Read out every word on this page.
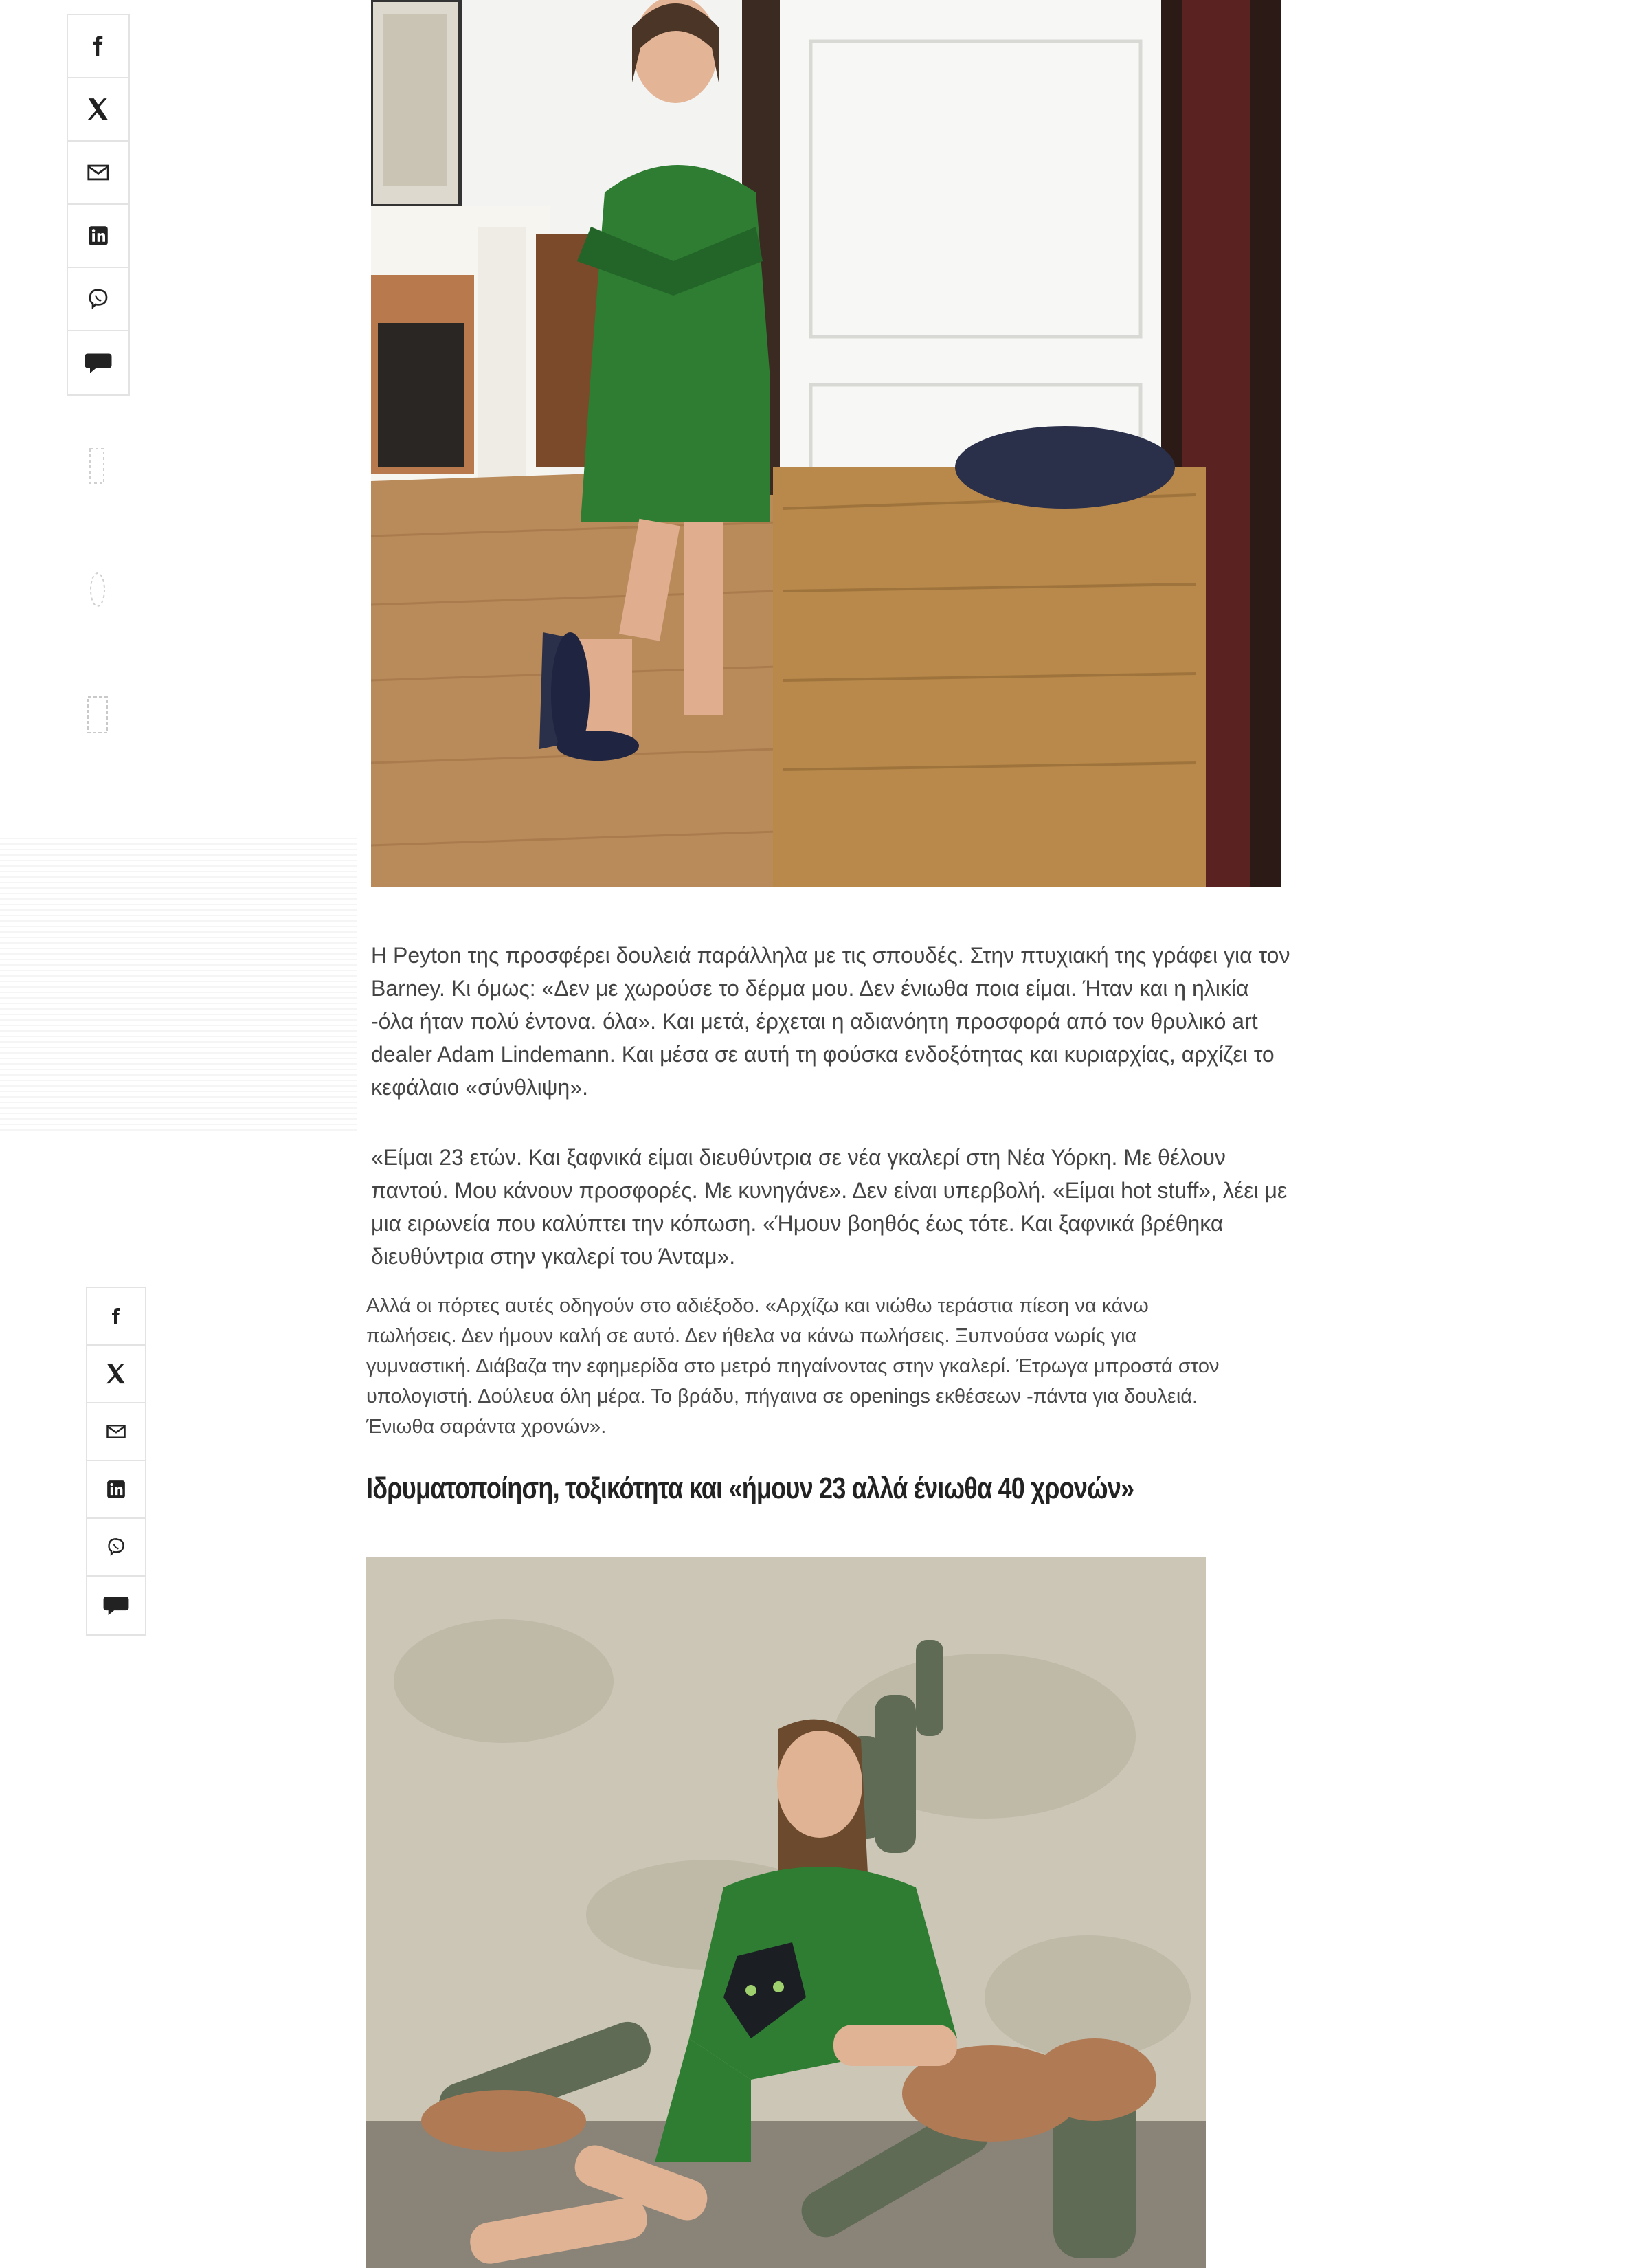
Η Peyton της προσφέρει δουλειά παράλληλα με τις σπουδές. Στην πτυχιακή της γράφει για τον Barney. Κι όμως: «Δεν με χωρούσε το δέρμα μου. Δεν ένιωθα ποια είμαι. Ήταν και η ηλικία -όλα ήταν πολύ έντονα. όλα». Και μετά, έρχεται η αδιανόητη προσφορά από τον θρυλικό art dealer Adam Lindemann. Και μέσα σε αυτή τη φούσκα ενδοξότητας και κυριαρχίας, αρχίζει το κεφάλαιο «σύνθλιψη».

«Είμαι 23 ετών. Και ξαφνικά είμαι διευθύντρια σε νέα γκαλερί στη Νέα Υόρκη. Με θέλουν παντού. Μου κάνουν προσφορές. Με κυνηγάνε». Δεν είναι υπερβολή. «Είμαι hot stuff», λέει με μια ειρωνεία που καλύπτει την κόπωση. «Ήμουν βοηθός έως τότε. Και ξαφνικά βρέθηκα διευθύντρια στην γκαλερί του Άνταμ».

Αλλά οι πόρτες αυτές οδηγούν στο αδιέξοδο. «Αρχίζω και νιώθω τεράστια πίεση να κάνω πωλήσεις. Δεν ήμουν καλή σε αυτό. Δεν ήθελα να κάνω πωλήσεις. Ξυπνούσα νωρίς για γυμναστική. Διάβαζα την εφημερίδα στο μετρό πηγαίνοντας στην γκαλερί. Έτρωγα μπροστά στον υπολογιστή. Δούλευα όλη μέρα. Το βράδυ, πήγαινα σε openings εκθέσεων -πάντα για δουλειά. Ένιωθα σαράντα χρονών».

Ιδρυματοποίηση, τοξικότητα και «ήμουν 23 αλλά ένιωθα 40 χρονών»
